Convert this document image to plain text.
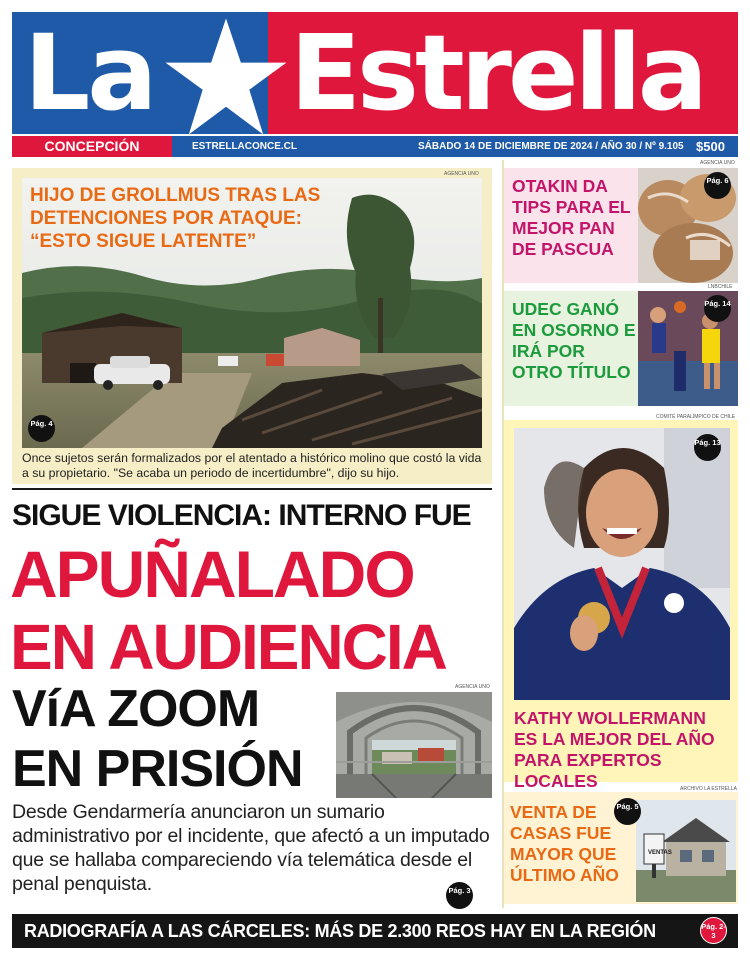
La Estrella
CONCEPCIÓN	ESTRELLACONCE.CL	SÁBADO 14 DE DICIEMBRE DE 2024 / AÑO 30 / Nº 9.105 $500
AGENCIA UNO
HIJO DE GROLLMUS TRAS LAS DETENCIONES POR ATAQUE: “ESTO SIGUE LATENTE”
Pág. 4
Once sujetos serán formalizados por el atentado a histórico molino que costó la vida a su propietario. "Se acaba un periodo de incertidumbre", dijo su hijo.
SIGUE VIOLENCIA: INTERNO FUE
APUÑALADO
EN AUDIENCIA
VíA ZOOM
EN PRISIÓN
AGENCIA UNO
Desde Gendarmería anunciaron un sumario administrativo por el incidente, que afectó a un imputado que se hallaba compareciendo vía telemática desde el penal penquista.	Pág. 3
AGENCIA UNO
OTAKIN DA TIPS PARA EL MEJOR PAN DE PASCUA
Pág. 6
LNBCHILE
UDEC GANÓ EN OSORNO E IRÁ POR OTRO TÍTULO
Pág. 14
COMITÉ PARALÍMPICO DE CHILE
Pág. 13
KATHY WOLLERMANN ES LA MEJOR DEL AÑO PARA EXPERTOS LOCALES	ARCHIVO LA ESTRELLA
VENTA DE CASAS FUE MAYOR QUE ÚLTIMO AÑO
VENTAS
Pág. 5
RADIOGRAFÍA A LAS CÁRCELES: MÁS DE 2.300 REOS HAY EN LA REGIÓN	Pág. 2-3
